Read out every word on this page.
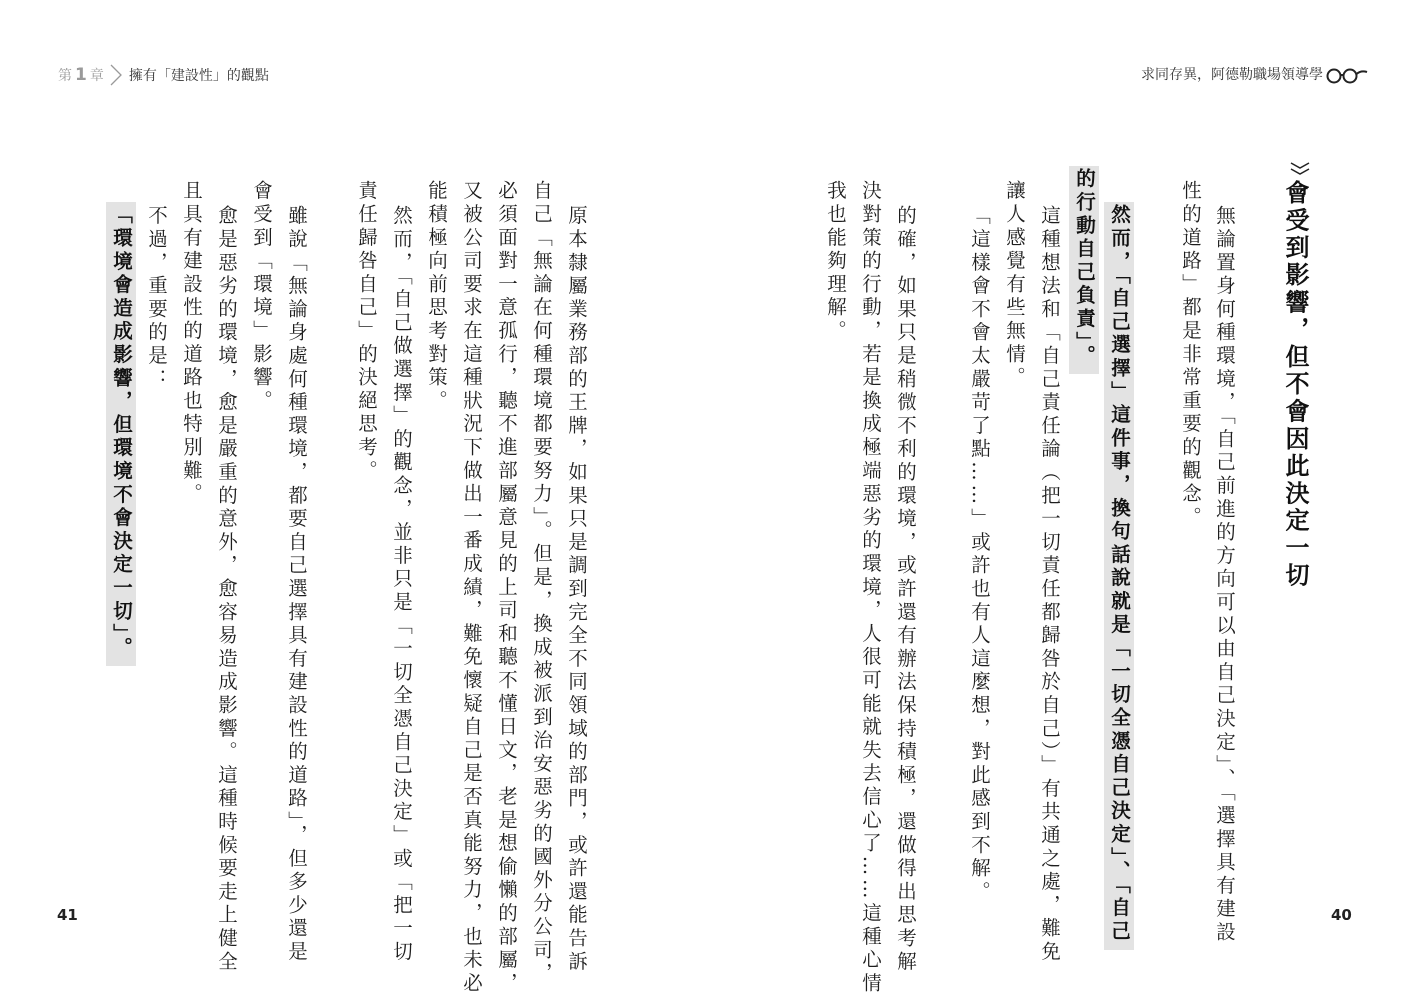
第 1 章 擁有「建設性」的觀點	求同存異，阿德勒職場領導學
會受到影響，但不會因此決定一切
無論置身何種環境，「自己前進的方向可以由自己決定」、「選擇具有建設
性的道路」都是非常重要的觀念。
然而，「自己選擇」這件事，換句話說就是「一切全憑自己決定」、「自己
的行動自己負責」。
這種想法和「自己責任論（把一切責任都歸咎於自己）」有共通之處，難免
讓人感覺有些無情。
「這樣會不會太嚴苛了點……」或許也有人這麼想，對此感到不解。
的確，如果只是稍微不利的環境，或許還有辦法保持積極，還做得出思考解
決對策的行動，若是換成極端惡劣的環境，人很可能就失去信心了……這種心情
我也能夠理解。
原本隸屬業務部的王牌，如果只是調到完全不同領域的部門，或許還能告訴
自己「無論在何種環境都要努力」。但是，換成被派到治安惡劣的國外分公司，
必須面對一意孤行，聽不進部屬意見的上司和聽不懂日文，老是想偷懶的部屬，
又被公司要求在這種狀況下做出一番成績，難免懷疑自己是否真能努力，也未必
能積極向前思考對策。
然而，「自己做選擇」的觀念，並非只是「一切全憑自己決定」或「把一切
責任歸咎自己」的決絕思考。
雖說「無論身處何種環境，都要自己選擇具有建設性的道路」，但多少還是
會受到「環境」影響。
愈是惡劣的環境，愈是嚴重的意外，愈容易造成影響。這種時候要走上健全
且具有建設性的道路也特別難。
不過，重要的是：
「環境會造成影響，但環境不會決定一切」。
41	40
